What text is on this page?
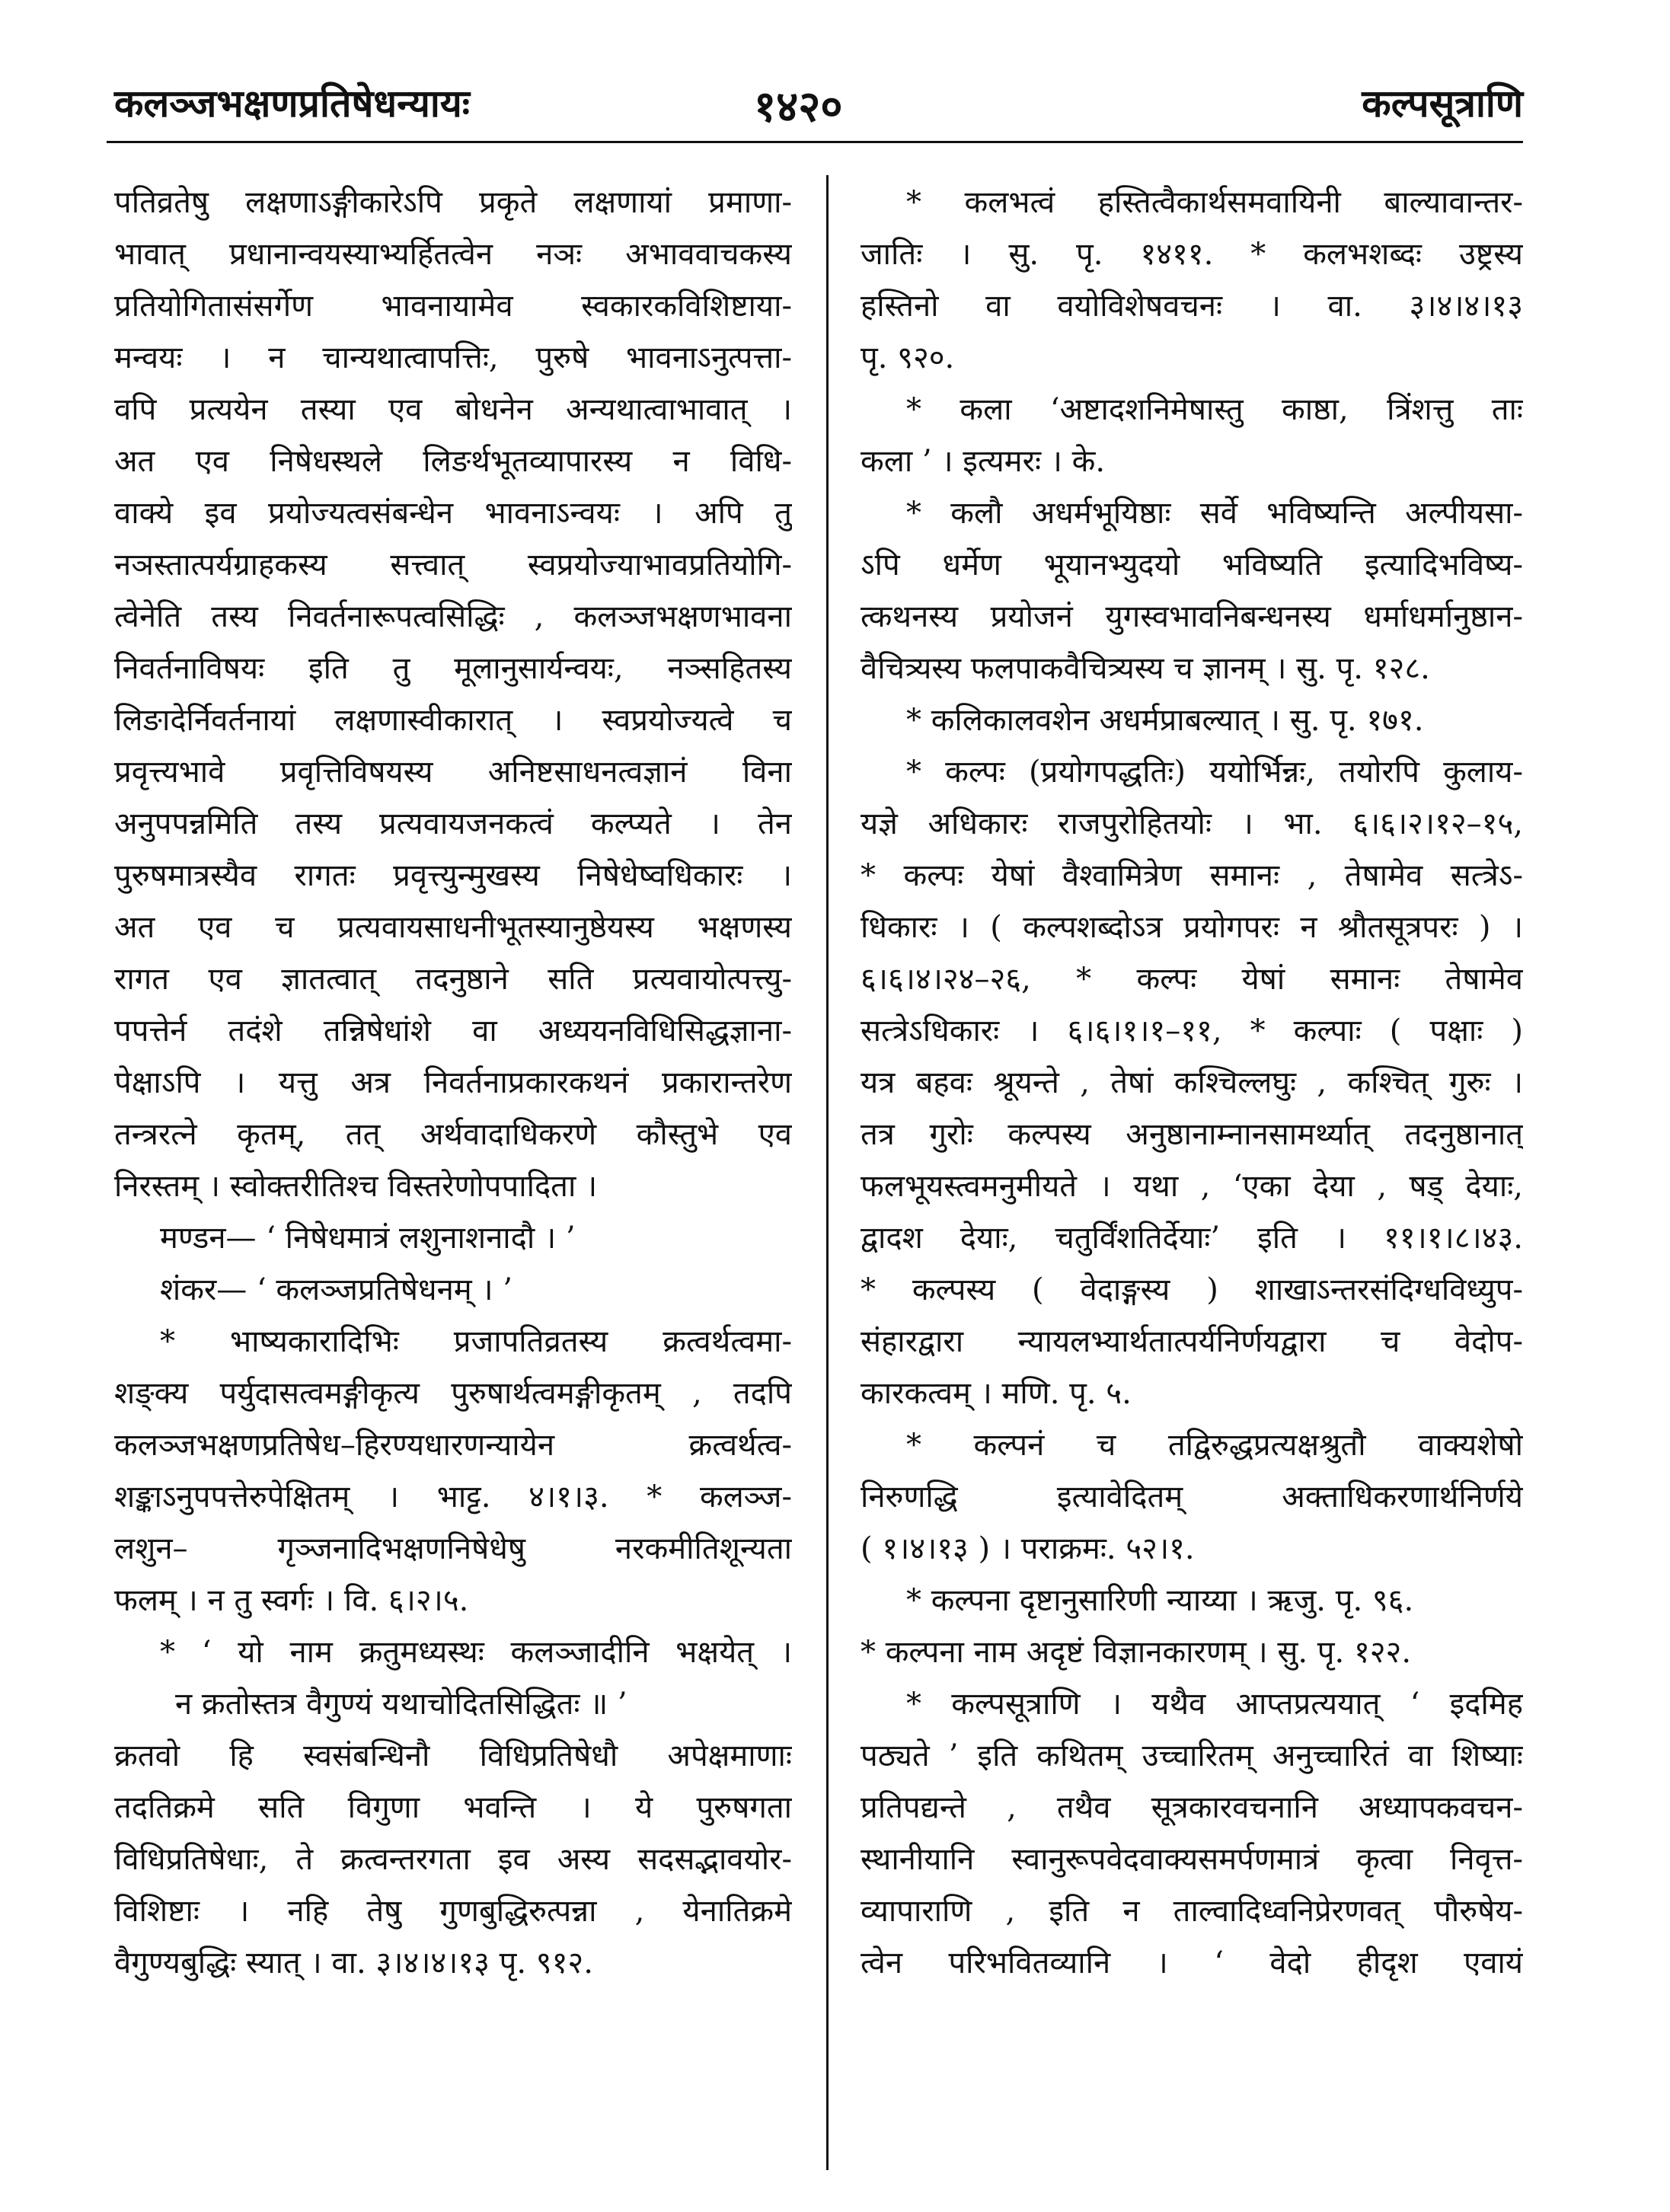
कलञ्जभक्षणप्रतिषेधन्यायः	१४२०	कल्पसूत्राणि
पतिव्रतेषु लक्षणाऽङ्गीकारेऽपि प्रकृते लक्षणायां प्रमाणा-
भावात् प्रधानान्वयस्याभ्यर्हितत्वेन नञः अभाववाचकस्य
प्रतियोगितासंसर्गेण भावनायामेव स्वकारकविशिष्टाया-
मन्वयः । न चान्यथात्वापत्तिः, पुरुषे भावनाऽनुत्पत्ता-
वपि प्रत्ययेन तस्या एव बोधनेन अन्यथात्वाभावात् ।
अत एव निषेधस्थले लिङर्थभूतव्यापारस्य न विधि-
वाक्ये इव प्रयोज्यत्वसंबन्धेन भावनाऽन्वयः । अपि तु
नञस्तात्पर्यग्राहकस्य सत्त्वात् स्वप्रयोज्याभावप्रतियोगि-
त्वेनेति तस्य निवर्तनारूपत्वसिद्धिः , कलञ्जभक्षणभावना
निवर्तनाविषयः इति तु मूलानुसार्यन्वयः, नञ्सहितस्य
लिङादेर्निवर्तनायां लक्षणास्वीकारात् । स्वप्रयोज्यत्वे च
प्रवृत्त्यभावे प्रवृत्तिविषयस्य अनिष्टसाधनत्वज्ञानं विना
अनुपपन्नमिति तस्य प्रत्यवायजनकत्वं कल्प्यते । तेन
पुरुषमात्रस्यैव रागतः प्रवृत्त्युन्मुखस्य निषेधेष्वधिकारः ।
अत एव च प्रत्यवायसाधनीभूतस्यानुष्ठेयस्य भक्षणस्य
रागत एव ज्ञातत्वात् तदनुष्ठाने सति प्रत्यवायोत्पत्त्यु-
पपत्तेर्न तदंशे तन्निषेधांशे वा अध्ययनविधिसिद्धज्ञाना-
पेक्षाऽपि । यत्तु अत्र निवर्तनाप्रकारकथनं प्रकारान्तरेण
तन्त्ररत्ने कृतम्, तत् अर्थवादाधिकरणे कौस्तुभे एव
निरस्तम् । स्वोक्तरीतिश्च विस्तरेणोपपादिता ।
मण्डन— ‘ निषेधमात्रं लशुनाशनादौ । ’
शंकर— ‘ कलञ्जप्रतिषेधनम् । ’
* भाष्यकारादिभिः प्रजापतिव्रतस्य क्रत्वर्थत्वमा-
शङ्क्य पर्युदासत्वमङ्गीकृत्य पुरुषार्थत्वमङ्गीकृतम् , तदपि
कलञ्जभक्षणप्रतिषेध–हिरण्यधारणन्यायेन क्रत्वर्थत्व-
शङ्काऽनुपपत्तेरुपेक्षितम् । भाट्ट. ४।१।३. * कलञ्ज-
लशुन– गृञ्जनादिभक्षणनिषेधेषु नरकमीतिशून्यता
फलम् । न तु स्वर्गः । वि. ६।२।५.
* ‘ यो नाम क्रतुमध्यस्थः कलञ्जादीनि भक्षयेत् ।
न क्रतोस्तत्र वैगुण्यं यथाचोदितसिद्धितः ॥ ’
क्रतवो हि स्वसंबन्धिनौ विधिप्रतिषेधौ अपेक्षमाणाः
तदतिक्रमे सति विगुणा भवन्ति । ये पुरुषगता
विधिप्रतिषेधाः, ते क्रत्वन्तरगता इव अस्य सदसद्भावयोर-
विशिष्टाः । नहि तेषु गुणबुद्धिरुत्पन्ना , येनातिक्रमे
वैगुण्यबुद्धिः स्यात् । वा. ३।४।४।१३ पृ. ९१२.
* कलभत्वं हस्तित्वैकार्थसमवायिनी बाल्यावान्तर-
जातिः । सु. पृ. १४११. * कलभशब्दः उष्ट्रस्य
हस्तिनो वा वयोविशेषवचनः । वा. ३।४।४।१३
पृ. ९२०.
* कला ‘अष्टादशनिमेषास्तु काष्ठा, त्रिंशत्तु ताः
कला ’ । इत्यमरः । के.
* कलौ अधर्मभूयिष्ठाः सर्वे भविष्यन्ति अल्पीयसा-
ऽपि धर्मेण भूयानभ्युदयो भविष्यति इत्यादिभविष्य-
त्कथनस्य प्रयोजनं युगस्वभावनिबन्धनस्य धर्माधर्मानुष्ठान-
वैचित्र्यस्य फलपाकवैचित्र्यस्य च ज्ञानम् । सु. पृ. १२८.
* कलिकालवशेन अधर्मप्राबल्यात् । सु. पृ. १७१.
* कल्पः (प्रयोगपद्धतिः) ययोर्भिन्नः, तयोरपि कुलाय-
यज्ञे अधिकारः राजपुरोहितयोः । भा. ६।६।२।१२–१५,
* कल्पः येषां वैश्वामित्रेण समानः , तेषामेव सत्त्रेऽ-
धिकारः । ( कल्पशब्दोऽत्र प्रयोगपरः न श्रौतसूत्रपरः ) ।
६।६।४।२४–२६, * कल्पः येषां समानः तेषामेव
सत्त्रेऽधिकारः । ६।६।१।१–११, * कल्पाः ( पक्षाः )
यत्र बहवः श्रूयन्ते , तेषां कश्चिल्लघुः , कश्चित् गुरुः ।
तत्र गुरोः कल्पस्य अनुष्ठानाम्नानसामर्थ्यात् तदनुष्ठानात्
फलभूयस्त्वमनुमीयते । यथा , ‘एका देया , षड् देयाः,
द्वादश देयाः, चतुर्विंशतिर्देयाः’ इति । ११।१।८।४३.
* कल्पस्य ( वेदाङ्गस्य ) शाखाऽन्तरसंदिग्धविध्युप-
संहारद्वारा न्यायलभ्यार्थतात्पर्यनिर्णयद्वारा च वेदोप-
कारकत्वम् । मणि. पृ. ५.
* कल्पनं च तद्विरुद्धप्रत्यक्षश्रुतौ वाक्यशेषो
निरुणद्धि इत्यावेदितम् अक्ताधिकरणार्थनिर्णये
( १।४।१३ ) । पराक्रमः. ५२।१.
* कल्पना दृष्टानुसारिणी न्याय्या । ऋजु. पृ. ९६.
* कल्पना नाम अदृष्टं विज्ञानकारणम् । सु. पृ. १२२.
* कल्पसूत्राणि । यथैव आप्तप्रत्ययात् ‘ इदमिह
पठ्यते ’ इति कथितम् उच्चारितम् अनुच्चारितं वा शिष्याः
प्रतिपद्यन्ते , तथैव सूत्रकारवचनानि अध्यापकवचन-
स्थानीयानि स्वानुरूपवेदवाक्यसमर्पणमात्रं कृत्वा निवृत्त-
व्यापाराणि , इति न ताल्वादिध्वनिप्रेरणवत् पौरुषेय-
त्वेन परिभवितव्यानि । ‘ वेदो हीदृश एवायं
